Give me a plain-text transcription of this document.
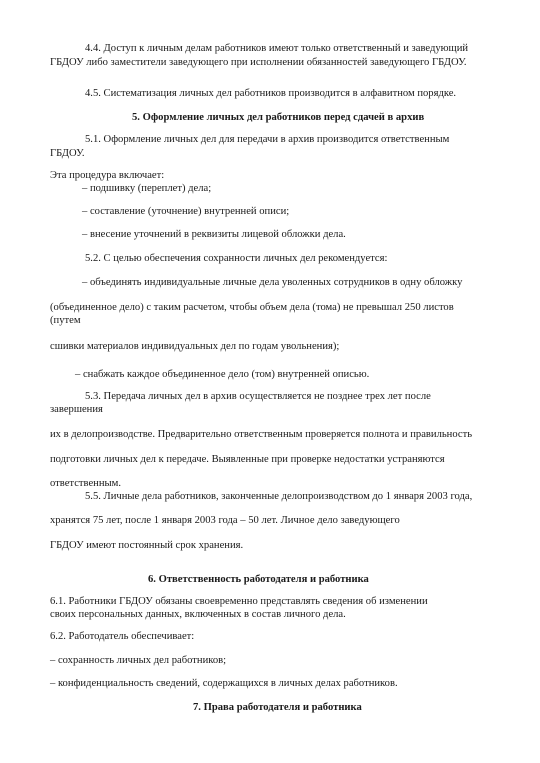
4.4. Доступ к личным делам работников имеют только ответственный и заведующий
ГБДОУ либо заместители заведующего при исполнении обязанностей заведующего ГБДОУ.
4.5. Систематизация личных дел работников производится в алфавитном порядке.
5. Оформление личных дел работников перед сдачей в архив
5.1. Оформление личных дел для передачи в архив производится ответственным
ГБДОУ.
Эта процедура включает:
– подшивку (переплет) дела;
– составление (уточнение) внутренней описи;
– внесение уточнений в реквизиты лицевой обложки дела.
5.2. С целью обеспечения сохранности личных дел рекомендуется:
– объединять индивидуальные личные дела уволенных сотрудников в одну обложку
(объединенное дело) с таким расчетом, чтобы объем дела (тома) не превышал 250 листов
(путем
сшивки материалов индивидуальных дел по годам увольнения);
– снабжать каждое объединенное дело (том) внутренней описью.
5.3. Передача личных дел в архив осуществляется не позднее трех лет после
завершения
их в делопроизводстве. Предварительно ответственным проверяется полнота и правильность
подготовки личных дел к передаче. Выявленные при проверке недостатки устраняются
ответственным.
5.5. Личные дела работников, законченные делопроизводством до 1 января 2003 года,
хранятся 75 лет, после 1 января 2003 года – 50 лет. Личное дело заведующего
ГБДОУ имеют постоянный срок хранения.
6. Ответственность работодателя и работника
6.1. Работники ГБДОУ обязаны своевременно представлять сведения об изменении
своих персональных данных, включенных в состав личного дела.
6.2. Работодатель обеспечивает:
– сохранность личных дел работников;
– конфиденциальность сведений, содержащихся в личных делах работников.
7. Права работодателя и работника
